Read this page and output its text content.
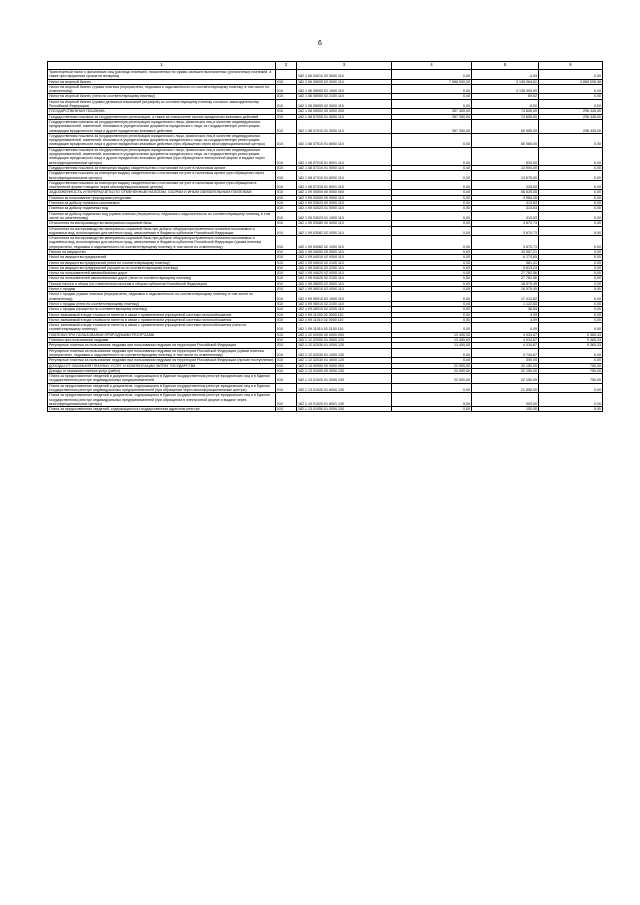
6
1	2	3	4	5	6
Транспортный налог с физических лиц (разница платежей, начисленных по суммы излишне выплаченных (уплаченных) платежей, а также при нарушении сроков их возврата)		182 1 06 04012 02 5000 110	0,00	-4,93	0,00
Налог на игорный бизнес	010	182 1 06 05000 02 0000 110	7 986 000,00	3 136 064,62	4 858 095,38
Налог на игорный бизнес (сумма платежа (перерасчеты, недоимка и задолженность по соответствующему платежу, в том числе по отмененному)	010	182 1 06 05000 02 1000 110	0,00	3 136 000,00	0,00
Налог на игорный бизнес (пени по соответствующему платежу)	010	182 1 06 05000 02 2100 110	0,00	69,62	0,00
Налог на игорный бизнес (суммы денежных взысканий (штрафов) по соответствующему платежу согласно законодательству Российской Федерации)	010	182 1 06 05000 02 3000 110	0,00	-5,00	0,00
ГОСУДАРСТВЕННАЯ ПОШЛИНА	010	182 1 08 00000 00 0000 000	357 300,00	74 655,00	296 345,00
Государственная пошлина за государственную регистрацию, а также за совершение прочих юридически значимых действий	010	182 1 08 07000 01 0000 110	357 300,00	74 655,00	296 345,00
Государственная пошлина за государственную регистрацию юридического лица, физических лиц в качестве индивидуальных предпринимателей, изменений, вносимых в учредительные документы юридического лица, за государственную регистрацию ликвидации юридического лица и другие юридически значимые действия	010	182 1 08 07010 01 0000 110	357 300,00	60 955,00	296 345,00
Государственная пошлина за государственную регистрацию юридического лица, физических лиц в качестве индивидуальных предпринимателей, изменений, вносимых в учредительные документы юридического лица, за государственную регистрацию ликвидации юридического лица и другие юридически значимые действия (при обращении через многофункциональные центры)	010	182 1 08 07010 01 8000 110	0,00	60 065,00	0,00
Государственная пошлина за государственную регистрацию юридического лица, физических лиц в качестве индивидуальных предпринимателей, изменений, вносимых в учредительные документы юридического лица, за государственную регистрацию ликвидации юридического лица и другие юридически значимые действия (при обращении в электронной форме и выдаче через многофункциональные центры)	010	182 1 08 07010 01 8001 110	0,00	820,00	0,00
Государственная пошлина за повторную выдачу свидетельства о постановке на учет в налоговом органе	010	182 1 08 07310 01 0000 110	0,00	13 900,00	0,00
Государственная пошлина за повторную выдачу свидетельства о постановке на учет в налоговом органе (при обращении через многофункциональные центры)	010	182 1 08 07310 01 8000 110	0,00	13 675,00	0,00
Государственная пошлина за повторную выдачу свидетельства о постановке на учет в налоговом органе (при обращении в электронной форме и выдаче через многофункциональные центры)	010	182 1 08 07310 01 8001 110	0,00	225,00	0,00
ЗАДОЛЖЕННОСТЬ И ПЕРЕРАСЧЕТЫ ПО ОТМЕНЕННЫМ НАЛОГАМ, СБОРАМ И ИНЫМ ОБЯЗАТЕЛЬНЫМ ПЛАТЕЖАМ	010	182 1 09 00000 00 0000 000	0,00	58 525,05	0,00
Платежи за пользование природными ресурсами	010	182 1 09 03000 00 0000 110	0,00	3 984,26	0,00
Платежи за добычу полезных ископаемых	010	182 1 09 03020 00 0000 110	0,00	313,53	0,00
Платежи за добычу подземных вод	010	182 1 09 03023 01 0000 110	0,00	313,53	0,00
Платежи за добычу подземных вод (сумма платежа (перерасчеты, недоимка и задолженность по соответствующему платежу, в том числе по отмененному)	010	182 1 09 03023 01 1000 110	0,00	313,53	0,00
Отчисления на воспроизводство минерально-сырьевой базы	010	182 1 09 03080 00 0000 110	0,00	3 670,73	0,00
Отчисления на воспроизводство минерально-сырьевой базы при добыче общераспространенных полезных ископаемых и подземных вод, используемых для местных нужд, зачисляемые в бюджеты субъектов Российской Федерации	010	182 1 09 03082 02 0000 110	0,00	3 670,73	0,00
Отчисления на воспроизводство минерально-сырьевой базы при добыче общераспространенных полезных ископаемых и подземных вод, используемых для местных нужд, зачисляемые в бюджеты субъектов Российской Федерации (сумма платежа (перерасчеты, недоимка и задолженность по соответствующему платежу, в том числе по отмененному)	010	182 1 09 03082 02 1000 110	0,00	3 670,73	0,00
Налоги на имущество	010	182 1 09 04000 00 0000 110	0,00	33 957,21	0,00
Налог на имущество предприятий	010	182 1 09 04010 02 0000 110	0,00	6 174,65	0,00
Налог на имущество предприятий (пени по соответствующему платежу)	010	182 1 09 04010 02 2100 110	0,00	561,41	0,00
Налог на имущество предприятий (проценты по соответствующему платежу)	010	182 1 09 04010 02 2200 110	0,00	5 613,24	0,00
Налог на пользователей автомобильных дорог	010	182 1 09 04020 02 0000 110	0,00	27 782,56	0,00
Налог на пользователей автомобильных дорог (пени по соответствующему платежу)	010	182 1 09 04020 02 2100 110	0,00	27 782,56	0,00
Прочие налоги и сборы (по отмененным налогам и сборам субъектов Российской Федерации)	010	182 1 09 06000 02 0000 110	0,00	18 579,49	0,00
Налог с продаж	010	182 1 09 06010 02 0000 110	0,00	18 579,49	0,00
Налог с продаж (сумма платежа (перерасчеты, недоимка и задолженность по соответствующему платежу, в том числе по отмененному)	010	182 1 09 06010 02 1000 110	0,00	17 412,82	0,00
Налог с продаж (пени по соответствующему платежу)	010	182 1 09 06010 02 2100 110	0,00	1 122,83	0,00
Налог с продаж (проценты по соответствующему платежу)	010	182 1 09 06010 02 2200 110	0,00	38,84	0,00
Налог, взимаемый в виде стоимости патента в связи с применением упрощенной системы налогообложения	010	182 1 09 11000 02 0000 110	0,00	4,09	0,00
Налог, взимаемый в виде стоимости патента в связи с применением упрощенной системы налогообложения	010	182 1 09 11010 02 0000 110	0,00	4,09	0,00
Налог, взимаемый в виде стоимости патента в связи с применением упрощенной системы налогообложения (пени по соответствующему платежу)	010	182 1 09 11010 02 2100 110	0,00	4,09	0,00
ПЛАТЕЖИ ПРИ ПОЛЬЗОВАНИИ ПРИРОДНЫМИ РЕСУРСАМИ	010	182 1 12 00000 00 0000 000	13 400,00	4 034,67	9 365,33
Платежи при пользовании недрами	010	182 1 12 02000 01 0000 120	13 400,00	4 034,67	9 365,33
Регулярные платежи за пользование недрами при пользовании недрами на территории Российской Федерации	010	182 1 12 02030 01 0000 120	13 400,00	4 034,67	9 365,33
Регулярные платежи за пользование недрами при пользовании недрами на территории Российской Федерации (сумма платежа (перерасчеты, недоимка и задолженность по соответствующему платежу, в том числе по отмененному)	010	182 1 12 02030 01 1000 120	0,00	3 734,67	0,00
Регулярные платежи за пользование недрами при пользовании недрами на территории Российской Федерации (прочие поступления)	010	182 1 12 02030 01 4000 120	0,00	300,00	0,00
ДОХОДЫ ОТ ОКАЗАНИЯ ПЛАТНЫХ УСЛУГ И КОМПЕНСАЦИИ ЗАТРАТ ГОСУДАРСТВА	010	182 1 13 00000 00 0000 000	22 900,00	22 150,00	750,00
Доходы от оказания платных услуг (работ)	010	182 1 13 01000 00 0000 130	22 900,00	22 150,00	750,00
Плата за предоставление сведений и документов, содержащихся в Едином государственном реестре юридических лиц и в Едином государственном реестре индивидуальных предпринимателей	010	182 1 13 01020 01 0000 130	22 900,00	22 150,00	750,00
Плата за предоставление сведений и документов, содержащихся в Едином государственном реестре юридических лиц и в Едином государственном реестре индивидуальных предпринимателей (при обращении через многофункциональные центры)	010	182 1 13 01020 01 8000 130	0,00	21 850,00	0,00
Плата за предоставление сведений и документов, содержащихся в Едином государственном реестре юридических лиц и в Едином государственном реестре индивидуальных предпринимателей (при обращении в электронной форме и выдаче через многофункциональные центры)	010	182 1 13 01020 01 8001 130	0,00	300,00	0,00
Плата за предоставление сведений, содержащихся в государственном адресном реестре	010	182 1 13 01050 01 0000 130	0,00	100,00	0,00
